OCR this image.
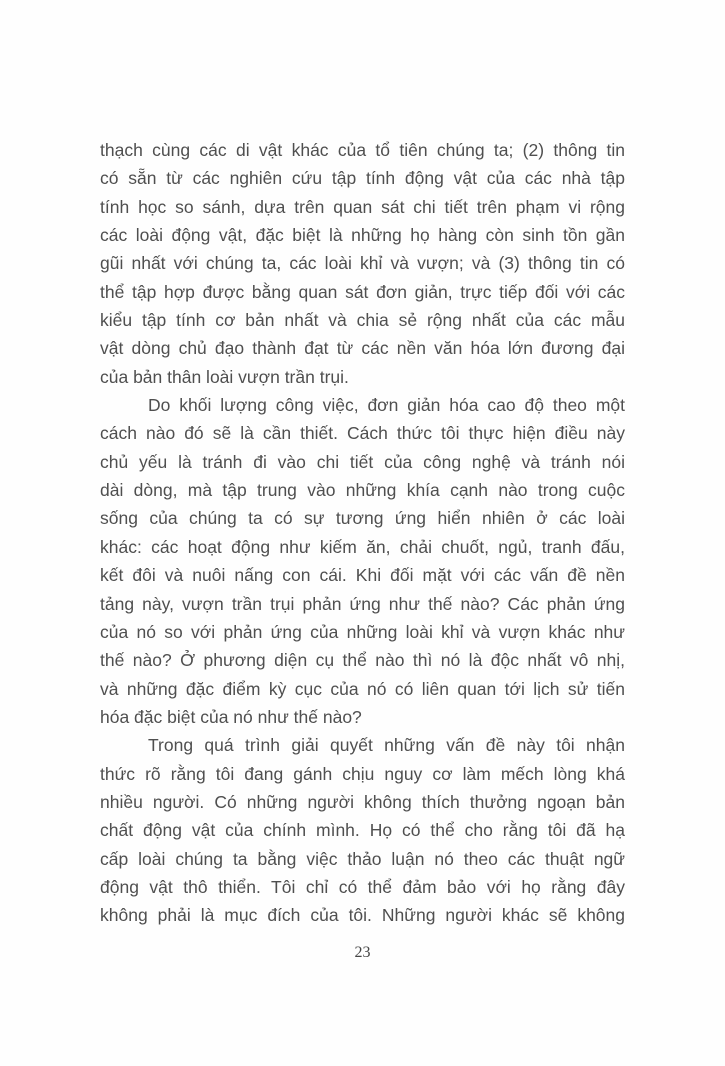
thạch cùng các di vật khác của tổ tiên chúng ta; (2) thông tin
có sẵn từ các nghiên cứu tập tính động vật của các nhà tập
tính học so sánh, dựa trên quan sát chi tiết trên phạm vi rộng
các loài động vật, đặc biệt là những họ hàng còn sinh tồn gần
gũi nhất với chúng ta, các loài khỉ và vượn; và (3) thông tin có
thể tập hợp được bằng quan sát đơn giản, trực tiếp đối với các
kiểu tập tính cơ bản nhất và chia sẻ rộng nhất của các mẫu
vật dòng chủ đạo thành đạt từ các nền văn hóa lớn đương đại
của bản thân loài vượn trần trụi.
Do khối lượng công việc, đơn giản hóa cao độ theo một
cách nào đó sẽ là cần thiết. Cách thức tôi thực hiện điều này
chủ yếu là tránh đi vào chi tiết của công nghệ và tránh nói
dài dòng, mà tập trung vào những khía cạnh nào trong cuộc
sống của chúng ta có sự tương ứng hiển nhiên ở các loài
khác: các hoạt động như kiếm ăn, chải chuốt, ngủ, tranh đấu,
kết đôi và nuôi nấng con cái. Khi đối mặt với các vấn đề nền
tảng này, vượn trần trụi phản ứng như thế nào? Các phản ứng
của nó so với phản ứng của những loài khỉ và vượn khác như
thế nào? Ở phương diện cụ thể nào thì nó là độc nhất vô nhị,
và những đặc điểm kỳ cục của nó có liên quan tới lịch sử tiến
hóa đặc biệt của nó như thế nào?
Trong quá trình giải quyết những vấn đề này tôi nhận
thức rõ rằng tôi đang gánh chịu nguy cơ làm mếch lòng khá
nhiều người. Có những người không thích thưởng ngoạn bản
chất động vật của chính mình. Họ có thể cho rằng tôi đã hạ
cấp loài chúng ta bằng việc thảo luận nó theo các thuật ngữ
động vật thô thiển. Tôi chỉ có thể đảm bảo với họ rằng đây
không phải là mục đích của tôi. Những người khác sẽ không
23
